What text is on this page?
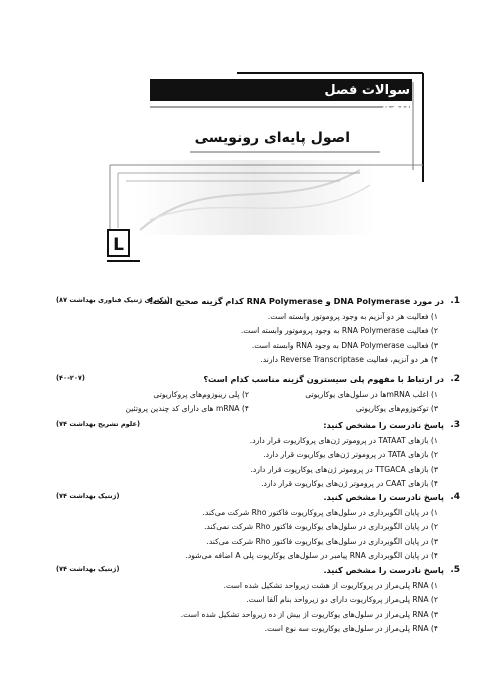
L
سوالات فصل پنجم
اصول پایه‌ای رونویسی
.1
در مورد DNA Polymerase و RNA Polymerase کدام گزینه صحیح است؟
(دکترای ژنتیک فناوری بهداشت ۸۷)
۱) فعالیت هر دو آنزیم به وجود پروموتور وابسته است.
۲) فعالیت RNA Polymerase به وجود پروموتور وابسته است.
۳) فعالیت DNA Polymerase به وجود RNA وابسته است.
۴) هر دو آنزیم، فعالیت Reverse Transcriptase دارند.
.2
در ارتباط با مفهوم پلی سیسترون گزینه مناسب کدام است؟
(۴۰-۲۰۷)
۱) اغلب mRNAها در سلول‌های یوکاریوتی
۲) پلی ریبوزوم‌های پروکاریوتی
۳) توکتوزوم‌های یوکاریوتی
۴) mRNA های دارای کد چندین پروتئین
.3
پاسخ نادرست را مشخص کنید:
(علوم تشریح بهداشت ۷۴)
۱) بازهای TATAAT در پروموتر ژن‌های پروکاریوت قرار دارد.
۲) بازهای TATA در پروموتر ژن‌های یوکاریوت قرار دارد.
۳) بازهای TTGACA در پروموتر ژن‌های یوکاریوت قرار دارد.
۴) بازهای CAAT در پروموتر ژن‌های یوکاریوت قرار دارد.
.4
پاسخ نادرست را مشخص کنید.
(ژنتیک بهداشت ۷۴)
۱) در پایان الگوبرداری در سلول‌های پروکاریوت فاکتور Rho شرکت می‌کند.
۲) در پایان الگوبرداری در سلول‌های یوکاریوت فاکتور Rho شرکت نمی‌کند.
۳) در پایان الگوبرداری در سلول‌های یوکاریوت فاکتور Rho شرکت می‌کند.
۴) در پایان الگوبرداری RNA پیامبر در سلول‌های یوکاریوت پلی A اضافه می‌شود.
.5
پاسخ نادرست را مشخص کنید.
(ژنتیک بهداشت ۷۴)
۱) RNA پلی‌مراز در پروکاریوت از هشت زیرواحد تشکیل شده است.
۲) RNA پلی‌مراز پروکاریوت دارای دو زیرواحد بنام آلفا است.
۳) RNA پلی‌مراز در سلول‌های یوکاریوت از بیش از ده زیرواحد تشکیل شده است.
۴) RNA پلی‌مراز در سلول‌های یوکاریوت سه نوع است.
